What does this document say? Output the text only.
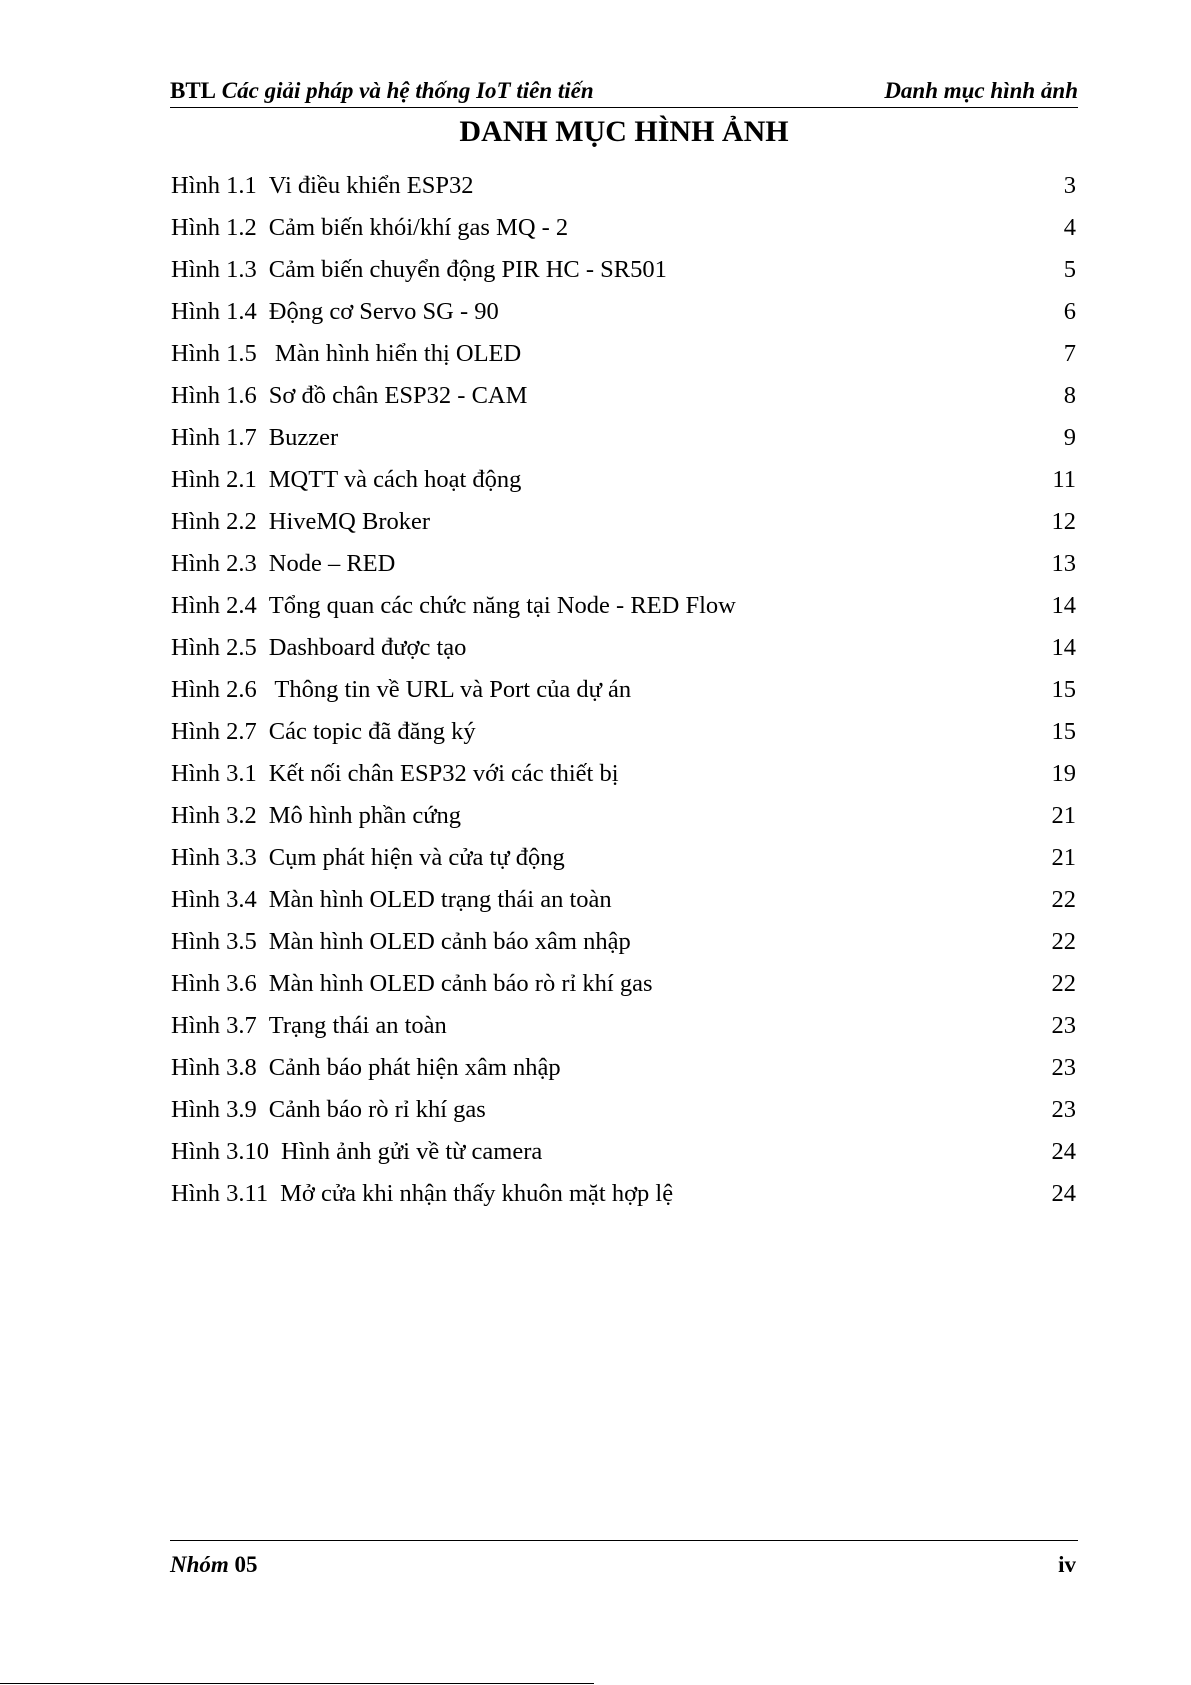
BTL Các giải pháp và hệ thống IoT tiên tiến	Danh mục hình ảnh
DANH MỤC HÌNH ẢNH
Hình 1.1 Vi điều khiển ESP32	3
Hình 1.2 Cảm biến khói/khí gas MQ - 2	4
Hình 1.3 Cảm biến chuyển động PIR HC - SR501	5
Hình 1.4 Động cơ Servo SG - 90	6
Hình 1.5 Màn hình hiển thị OLED	7
Hình 1.6 Sơ đồ chân ESP32 - CAM	8
Hình 1.7 Buzzer	9
Hình 2.1 MQTT và cách hoạt động	11
Hình 2.2 HiveMQ Broker	12
Hình 2.3 Node – RED	13
Hình 2.4 Tổng quan các chức năng tại Node - RED Flow	14
Hình 2.5 Dashboard được tạo	14
Hình 2.6 Thông tin về URL và Port của dự án	15
Hình 2.7 Các topic đã đăng ký	15
Hình 3.1 Kết nối chân ESP32 với các thiết bị	19
Hình 3.2 Mô hình phần cứng	21
Hình 3.3 Cụm phát hiện và cửa tự động	21
Hình 3.4 Màn hình OLED trạng thái an toàn	22
Hình 3.5 Màn hình OLED cảnh báo xâm nhập	22
Hình 3.6 Màn hình OLED cảnh báo rò rỉ khí gas	22
Hình 3.7 Trạng thái an toàn	23
Hình 3.8 Cảnh báo phát hiện xâm nhập	23
Hình 3.9 Cảnh báo rò rỉ khí gas	23
Hình 3.10 Hình ảnh gửi về từ camera	24
Hình 3.11 Mở cửa khi nhận thấy khuôn mặt hợp lệ	24
Nhóm 05	iv
